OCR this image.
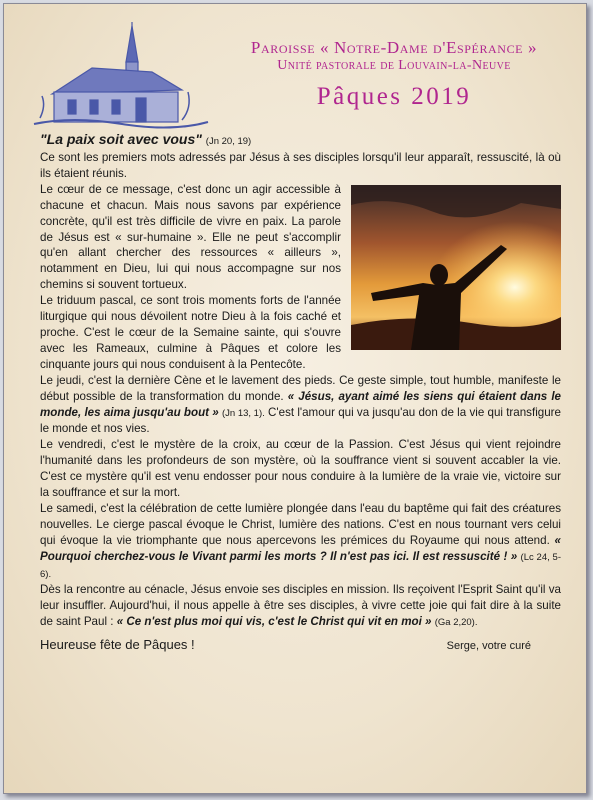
Paroisse « Notre-Dame d'Espérance »
Unité pastorale de Louvain-la-Neuve
Pâques 2019

"La paix soit avec vous" (Jn 20, 19)

Ce sont les premiers mots adressés par Jésus à ses disciples lorsqu'il leur apparaît, ressuscité, là où ils étaient réunis.

Le cœur de ce message, c'est donc un agir accessible à chacune et chacun. Mais nous savons par expérience concrète, qu'il est très difficile de vivre en paix. La parole de Jésus est « sur-humaine ». Elle ne peut s'accomplir qu'en allant chercher des ressources « ailleurs », notamment en Dieu, lui qui nous accompagne sur nos chemins si souvent tortueux.

Le triduum pascal, ce sont trois moments forts de l'année liturgique qui nous dévoilent notre Dieu à la fois caché et proche. C'est le cœur de la Semaine sainte, qui s'ouvre avec les Rameaux, culmine à Pâques et colore les cinquante jours qui nous conduisent à la Pentecôte.

Le jeudi, c'est la dernière Cène et le lavement des pieds. Ce geste simple, tout humble, manifeste le début possible de la transformation du monde. « Jésus, ayant aimé les siens qui étaient dans le monde, les aima jusqu'au bout » (Jn 13, 1). C'est l'amour qui va jusqu'au don de la vie qui transfigure le monde et nos vies.

Le vendredi, c'est le mystère de la croix, au cœur de la Passion. C'est Jésus qui vient rejoindre l'humanité dans les profondeurs de son mystère, où la souffrance vient si souvent accabler la vie. C'est ce mystère qu'il est venu endosser pour nous conduire à la lumière de la vraie vie, victoire sur la souffrance et sur la mort.

Le samedi, c'est la célébration de cette lumière plongée dans l'eau du baptême qui fait des créatures nouvelles. Le cierge pascal évoque le Christ, lumière des nations. C'est en nous tournant vers celui qui évoque la vie triomphante que nous apercevons les prémices du Royaume qui nous attend. « Pourquoi cherchez-vous le Vivant parmi les morts ? Il n'est pas ici. Il est ressuscité ! » (Lc 24, 5-6).

Dès la rencontre au cénacle, Jésus envoie ses disciples en mission. Ils reçoivent l'Esprit Saint qu'il va leur insuffler. Aujourd'hui, il nous appelle à être ses disciples, à vivre cette joie qui fait dire à la suite de saint Paul : « Ce n'est plus moi qui vis, c'est le Christ qui vit en moi » (Ga 2,20).

Heureuse fête de Pâques !	Serge, votre curé
